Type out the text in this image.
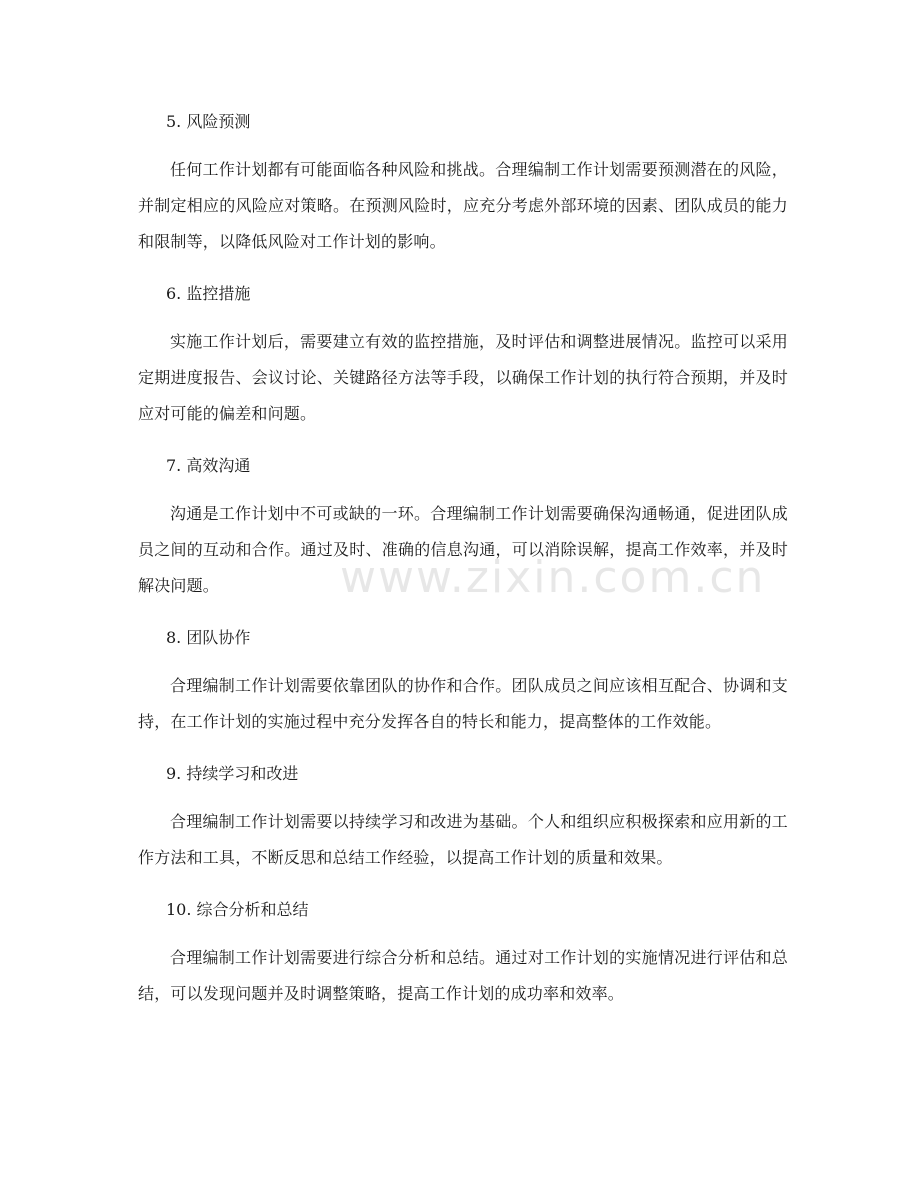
5. 风险预测

任何工作计划都有可能面临各种风险和挑战。合理编制工作计划需要预测潜在的风险，并制定相应的风险应对策略。在预测风险时，应充分考虑外部环境的因素、团队成员的能力和限制等，以降低风险对工作计划的影响。

6. 监控措施

实施工作计划后，需要建立有效的监控措施，及时评估和调整进展情况。监控可以采用定期进度报告、会议讨论、关键路径方法等手段，以确保工作计划的执行符合预期，并及时应对可能的偏差和问题。

7. 高效沟通

沟通是工作计划中不可或缺的一环。合理编制工作计划需要确保沟通畅通，促进团队成员之间的互动和合作。通过及时、准确的信息沟通，可以消除误解，提高工作效率，并及时解决问题。

8. 团队协作

合理编制工作计划需要依靠团队的协作和合作。团队成员之间应该相互配合、协调和支持，在工作计划的实施过程中充分发挥各自的特长和能力，提高整体的工作效能。

9. 持续学习和改进

合理编制工作计划需要以持续学习和改进为基础。个人和组织应积极探索和应用新的工作方法和工具，不断反思和总结工作经验，以提高工作计划的质量和效果。

10. 综合分析和总结

合理编制工作计划需要进行综合分析和总结。通过对工作计划的实施情况进行评估和总结，可以发现问题并及时调整策略，提高工作计划的成功率和效率。

www.zixin.com.cn
